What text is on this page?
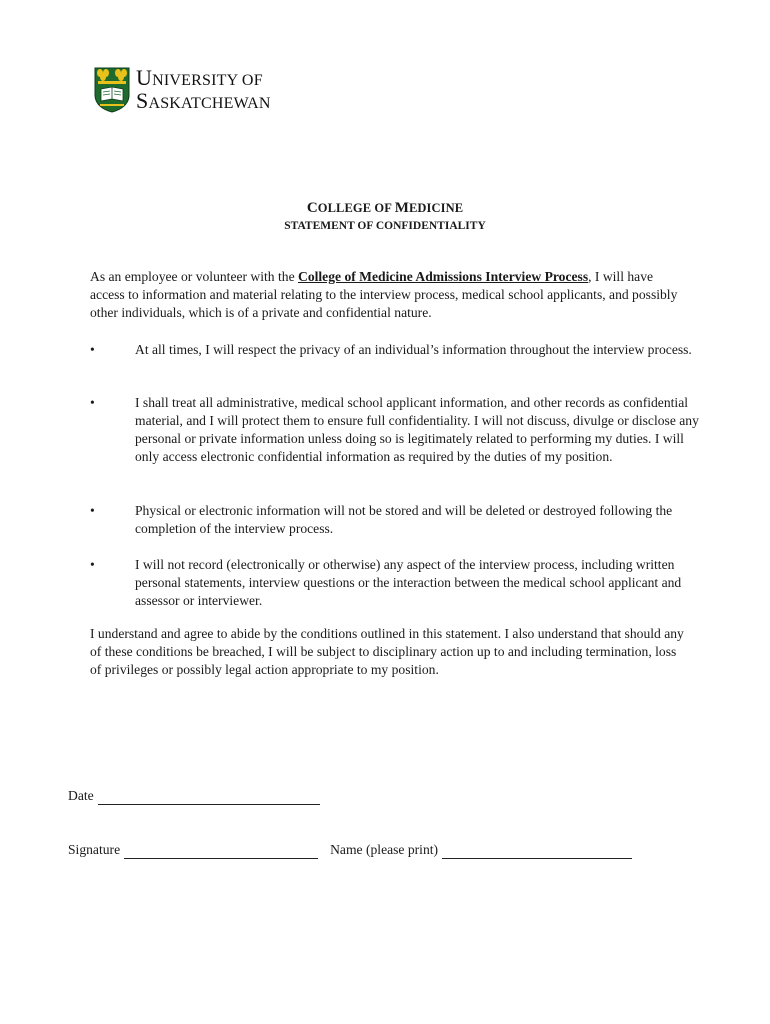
UNIVERSITY OF
SASKATCHEWAN
COLLEGE OF MEDICINE
STATEMENT OF CONFIDENTIALITY

As an employee or volunteer with the College of Medicine Admissions Interview Process, I will have access to information and material relating to the interview process, medical school applicants, and possibly other individuals, which is of a private and confidential nature.

•	At all times, I will respect the privacy of an individual’s information throughout the interview process.
•	I shall treat all administrative, medical school applicant information, and other records as confidential material, and I will protect them to ensure full confidentiality. I will not discuss, divulge or disclose any personal or private information unless doing so is legitimately related to performing my duties. I will only access electronic confidential information as required by the duties of my position.
•	Physical or electronic information will not be stored and will be deleted or destroyed following the completion of the interview process.
•	I will not record (electronically or otherwise) any aspect of the interview process, including written personal statements, interview questions or the interaction between the medical school applicant and assessor or interviewer.

I understand and agree to abide by the conditions outlined in this statement. I also understand that should any of these conditions be breached, I will be subject to disciplinary action up to and including termination, loss of privileges or possibly legal action appropriate to my position.

Date
Signature	Name (please print)
